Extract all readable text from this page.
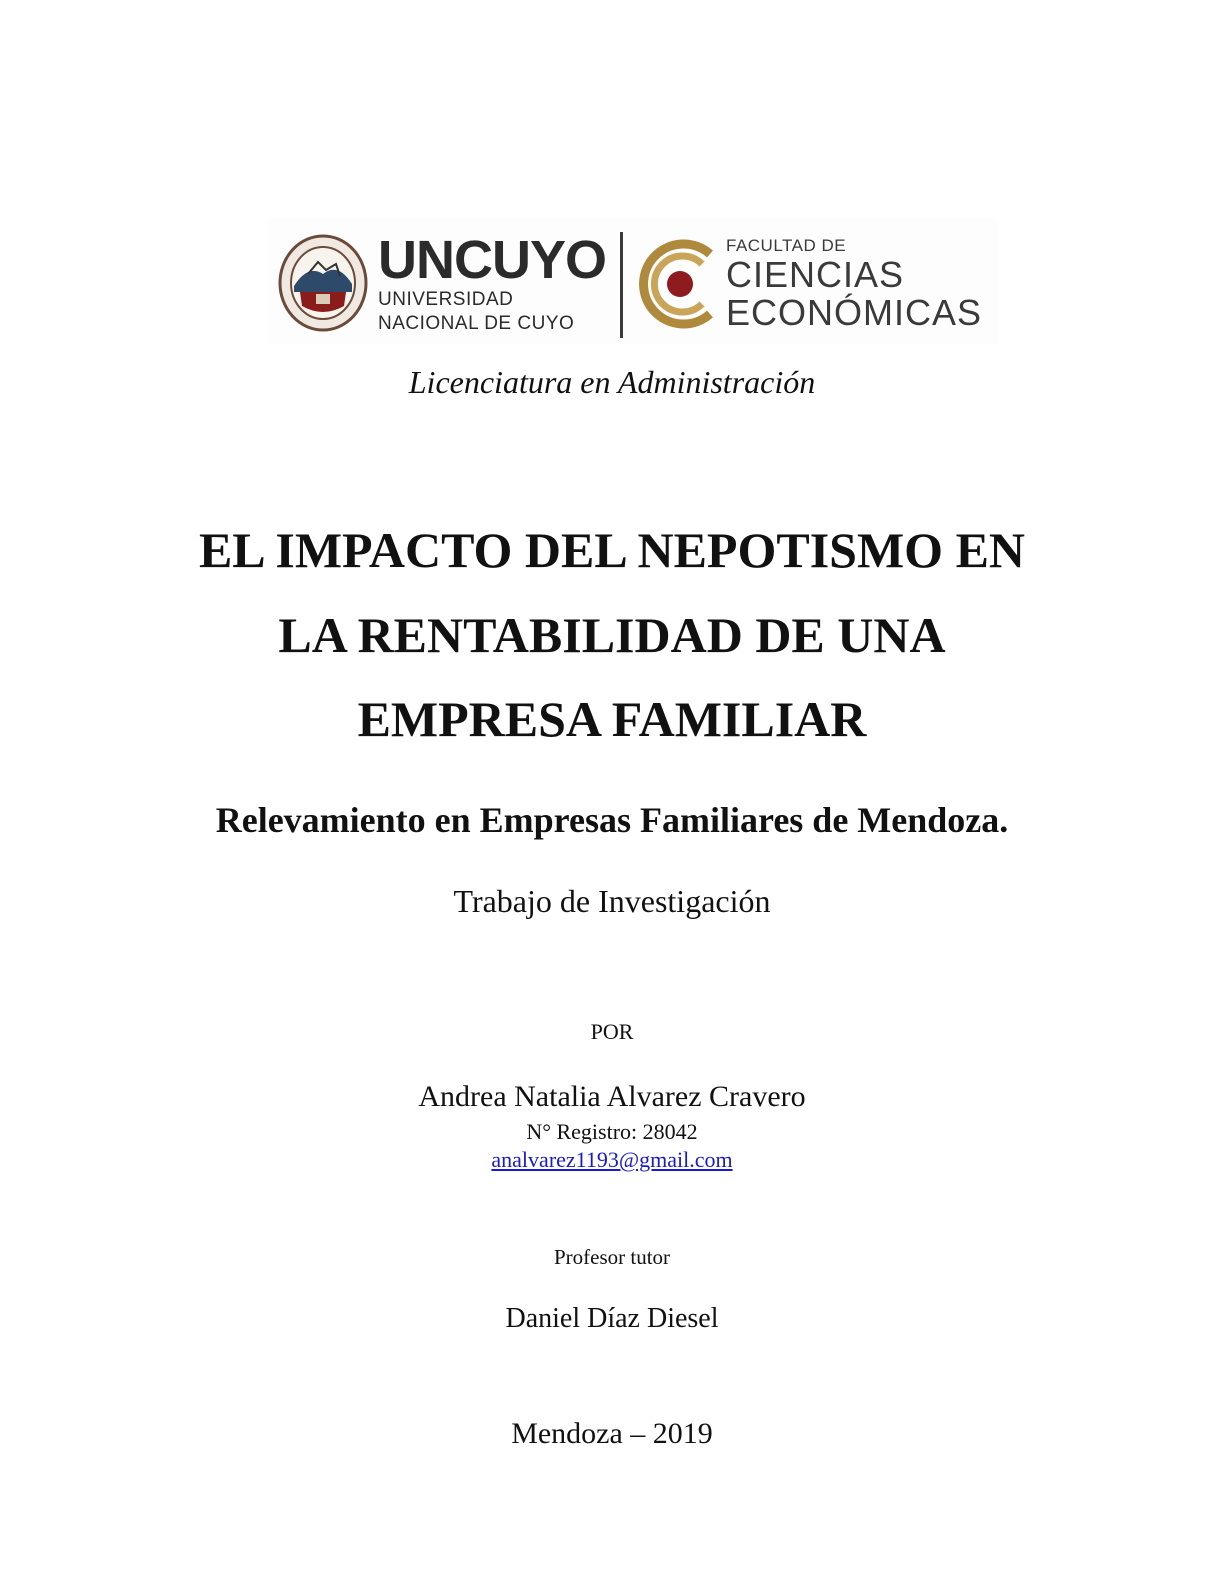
UNCUYO
UNIVERSIDAD
NACIONAL DE CUYO
FACULTAD DE
CIENCIAS
ECONÓMICAS
Licenciatura en Administración
EL IMPACTO DEL NEPOTISMO EN
LA RENTABILIDAD DE UNA
EMPRESA FAMILIAR
Relevamiento en Empresas Familiares de Mendoza.
Trabajo de Investigación
POR
Andrea Natalia Alvarez Cravero
N° Registro: 28042
analvarez1193@gmail.com
Profesor tutor
Daniel Díaz Diesel
Mendoza – 2019
